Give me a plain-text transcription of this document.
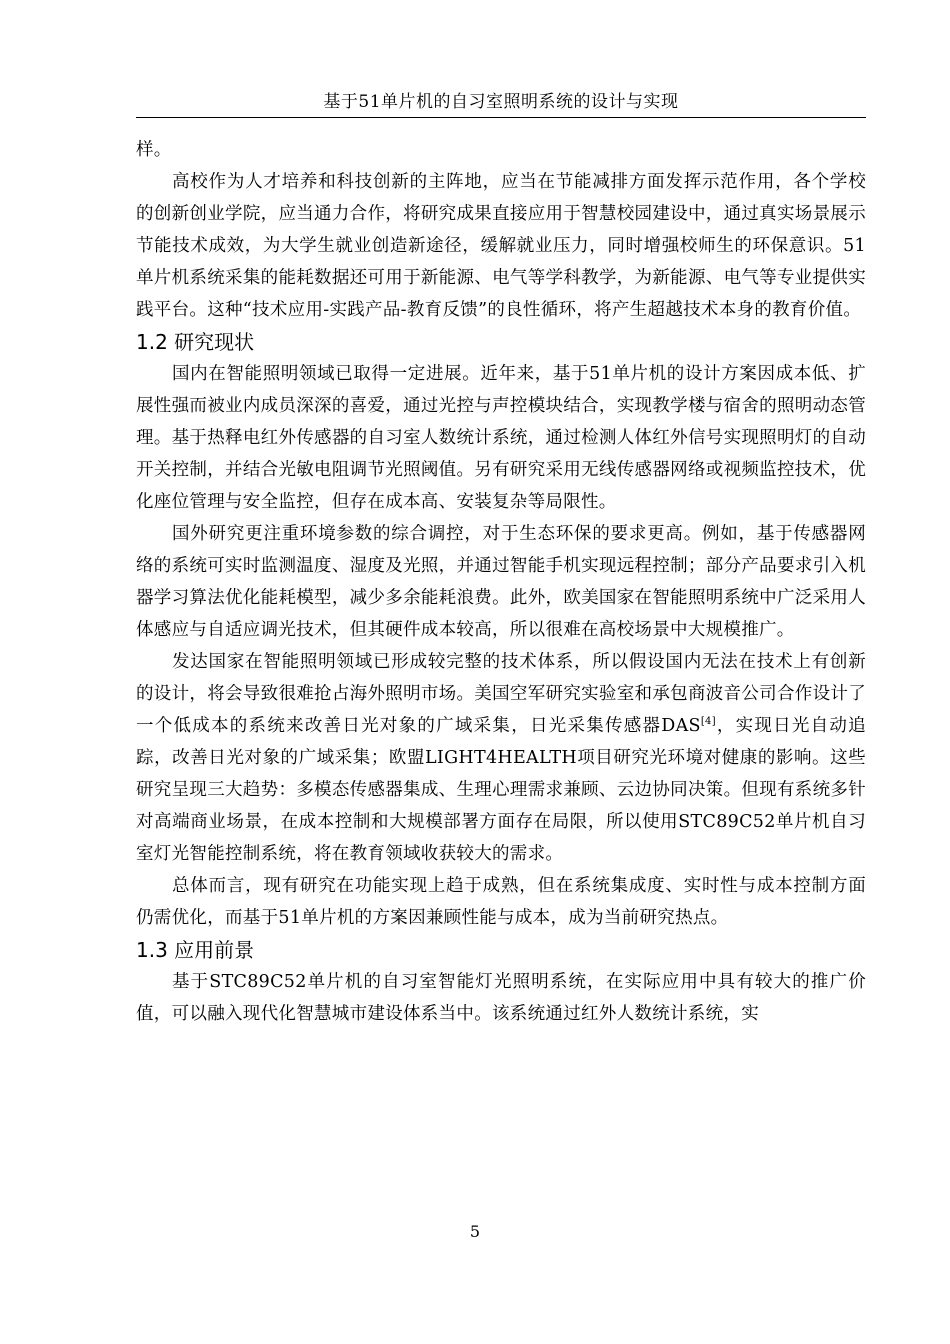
基于51单片机的自习室照明系统的设计与实现

样。

高校作为人才培养和科技创新的主阵地，应当在节能减排方面发挥示范作用，各个学校的创新创业学院，应当通力合作，将研究成果直接应用于智慧校园建设中，通过真实场景展示节能技术成效，为大学生就业创造新途径，缓解就业压力，同时增强校师生的环保意识。51单片机系统采集的能耗数据还可用于新能源、电气等学科教学，为新能源、电气等专业提供实践平台。这种“技术应用-实践产品-教育反馈”的良性循环，将产生超越技术本身的教育价值。

1.2 研究现状

国内在智能照明领域已取得一定进展。近年来，基于51单片机的设计方案因成本低、扩展性强而被业内成员深深的喜爱，通过光控与声控模块结合，实现教学楼与宿舍的照明动态管理。基于热释电红外传感器的自习室人数统计系统，通过检测人体红外信号实现照明灯的自动开关控制，并结合光敏电阻调节光照阈值。另有研究采用无线传感器网络或视频监控技术，优化座位管理与安全监控，但存在成本高、安装复杂等局限性。

国外研究更注重环境参数的综合调控，对于生态环保的要求更高。例如，基于传感器网络的系统可实时监测温度、湿度及光照，并通过智能手机实现远程控制；部分产品要求引入机器学习算法优化能耗模型，减少多余能耗浪费。此外，欧美国家在智能照明系统中广泛采用人体感应与自适应调光技术，但其硬件成本较高，所以很难在高校场景中大规模推广。

发达国家在智能照明领域已形成较完整的技术体系，所以假设国内无法在技术上有创新的设计，将会导致很难抢占海外照明市场。美国空军研究实验室和承包商波音公司合作设计了一个低成本的系统来改善日光对象的广域采集，日光采集传感器DAS[4]，实现日光自动追踪，改善日光对象的广域采集；欧盟LIGHT4HEALTH项目研究光环境对健康的影响。这些研究呈现三大趋势：多模态传感器集成、生理心理需求兼顾、云边协同决策。但现有系统多针对高端商业场景，在成本控制和大规模部署方面存在局限，所以使用STC89C52单片机自习室灯光智能控制系统，将在教育领域收获较大的需求。

总体而言，现有研究在功能实现上趋于成熟，但在系统集成度、实时性与成本控制方面仍需优化，而基于51单片机的方案因兼顾性能与成本，成为当前研究热点。

1.3 应用前景

基于STC89C52单片机的自习室智能灯光照明系统，在实际应用中具有较大的推广价值，可以融入现代化智慧城市建设体系当中。该系统通过红外人数统计系统，实

5
